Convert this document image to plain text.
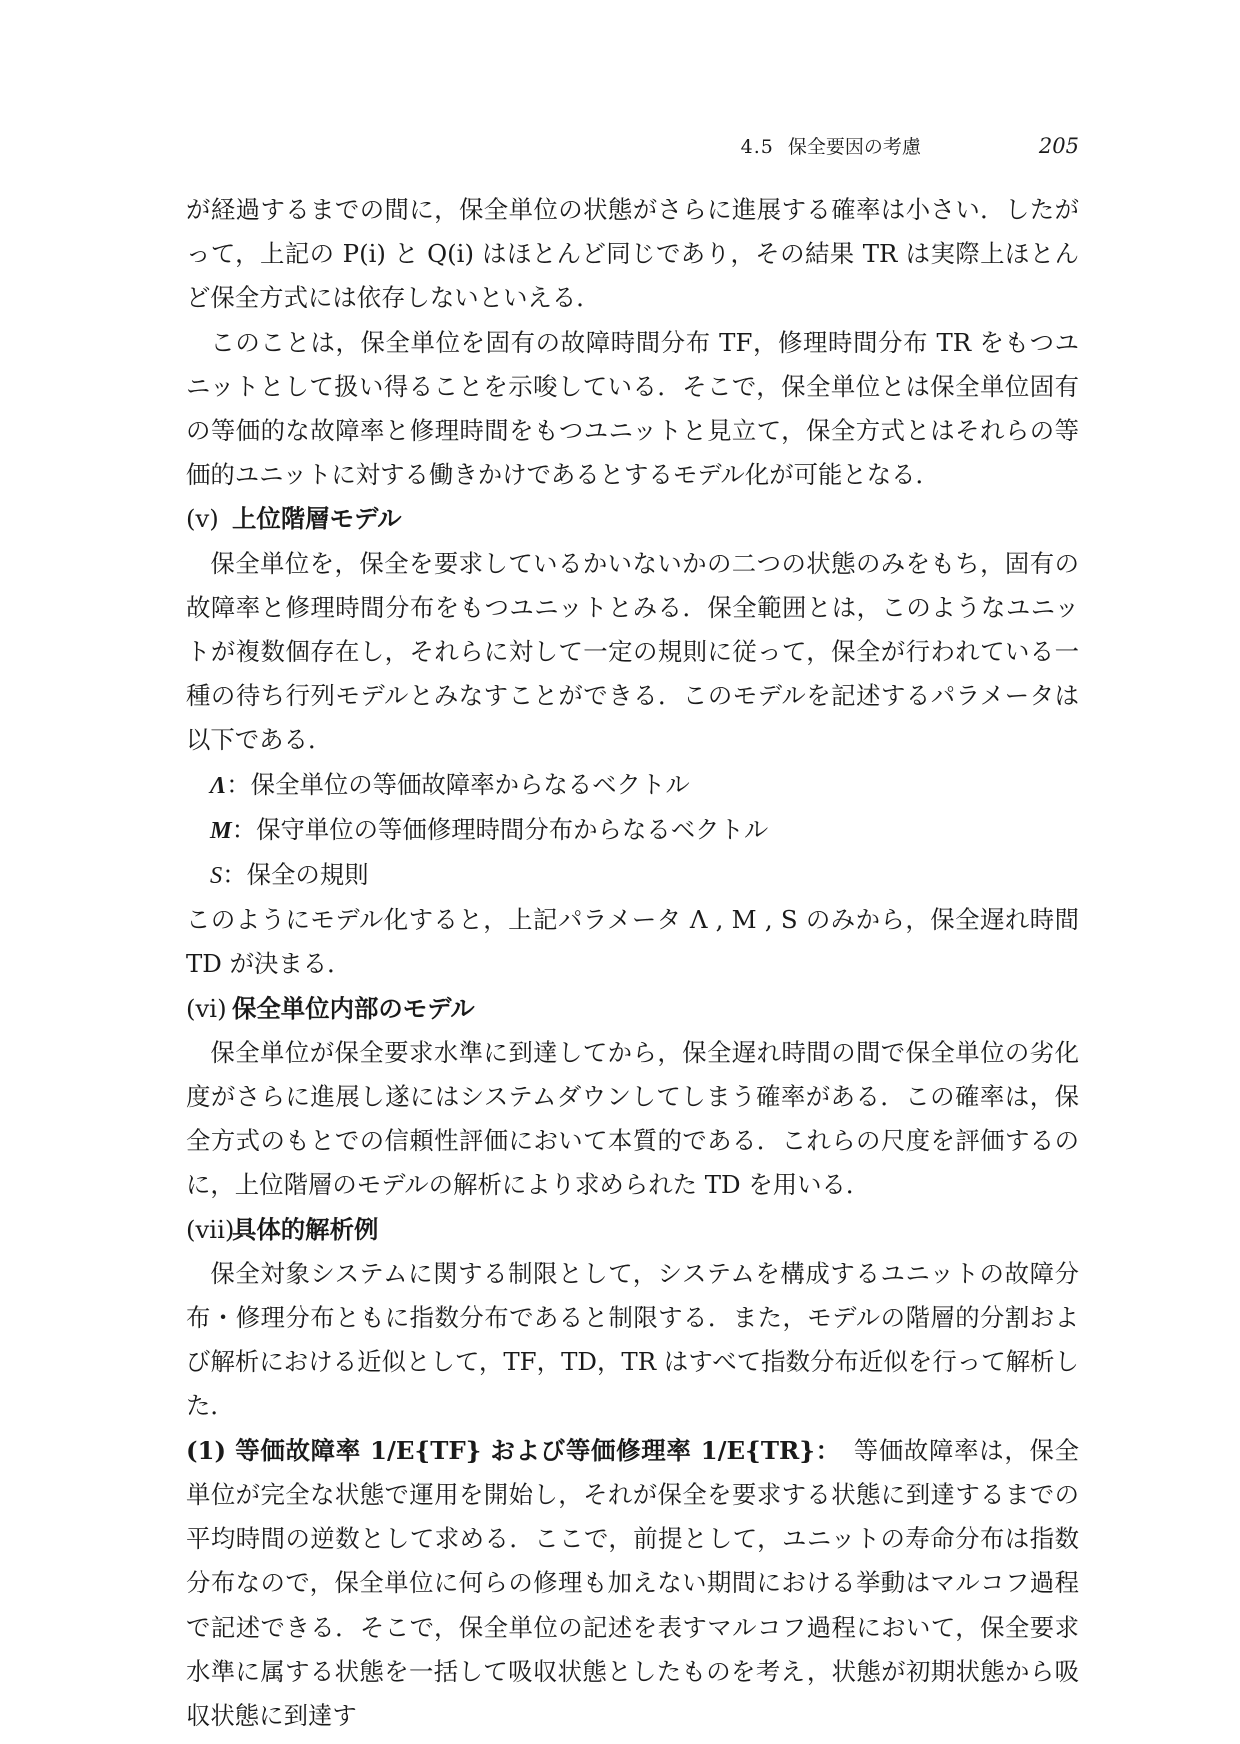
4.5 保全要因の考慮	205

が経過するまでの間に，保全単位の状態がさらに進展する確率は小さい．したがって，上記の P(i) と Q(i) はほとんど同じであり，その結果 TR は実際上ほとんど保全方式には依存しないといえる．

このことは，保全単位を固有の故障時間分布 TF，修理時間分布 TR をもつユニットとして扱い得ることを示唆している．そこで，保全単位とは保全単位固有の等価的な故障率と修理時間をもつユニットと見立て，保全方式とはそれらの等価的ユニットに対する働きかけであるとするモデル化が可能となる．

(v) 上位階層モデル

保全単位を，保全を要求しているかいないかの二つの状態のみをもち，固有の故障率と修理時間分布をもつユニットとみる．保全範囲とは，このようなユニットが複数個存在し，それらに対して一定の規則に従って，保全が行われている一種の待ち行列モデルとみなすことができる．このモデルを記述するパラメータは以下である．

Λ：保全単位の等価故障率からなるベクトル

M：保守単位の等価修理時間分布からなるベクトル

S：保全の規則

このようにモデル化すると，上記パラメータ Λ , M , S のみから，保全遅れ時間 TD が決まる．

(vi) 保全単位内部のモデル

保全単位が保全要求水準に到達してから，保全遅れ時間の間で保全単位の劣化度がさらに進展し遂にはシステムダウンしてしまう確率がある．この確率は，保全方式のもとでの信頼性評価において本質的である．これらの尺度を評価するのに，上位階層のモデルの解析により求められた TD を用いる．

(vii)具体的解析例

保全対象システムに関する制限として，システムを構成するユニットの故障分布・修理分布ともに指数分布であると制限する．また，モデルの階層的分割および解析における近似として，TF，TD，TR はすべて指数分布近似を行って解析した．

(1) 等価故障率 1/E{TF} および等価修理率 1/E{TR}：　 等価故障率は，保全単位が完全な状態で運用を開始し，それが保全を要求する状態に到達するまでの平均時間の逆数として求める．ここで，前提として，ユニットの寿命分布は指数分布なので，保全単位に何らの修理も加えない期間における挙動はマルコフ過程で記述できる．そこで，保全単位の記述を表すマルコフ過程において，保全要求水準に属する状態を一括して吸収状態としたものを考え，状態が初期状態から吸収状態に到達す
